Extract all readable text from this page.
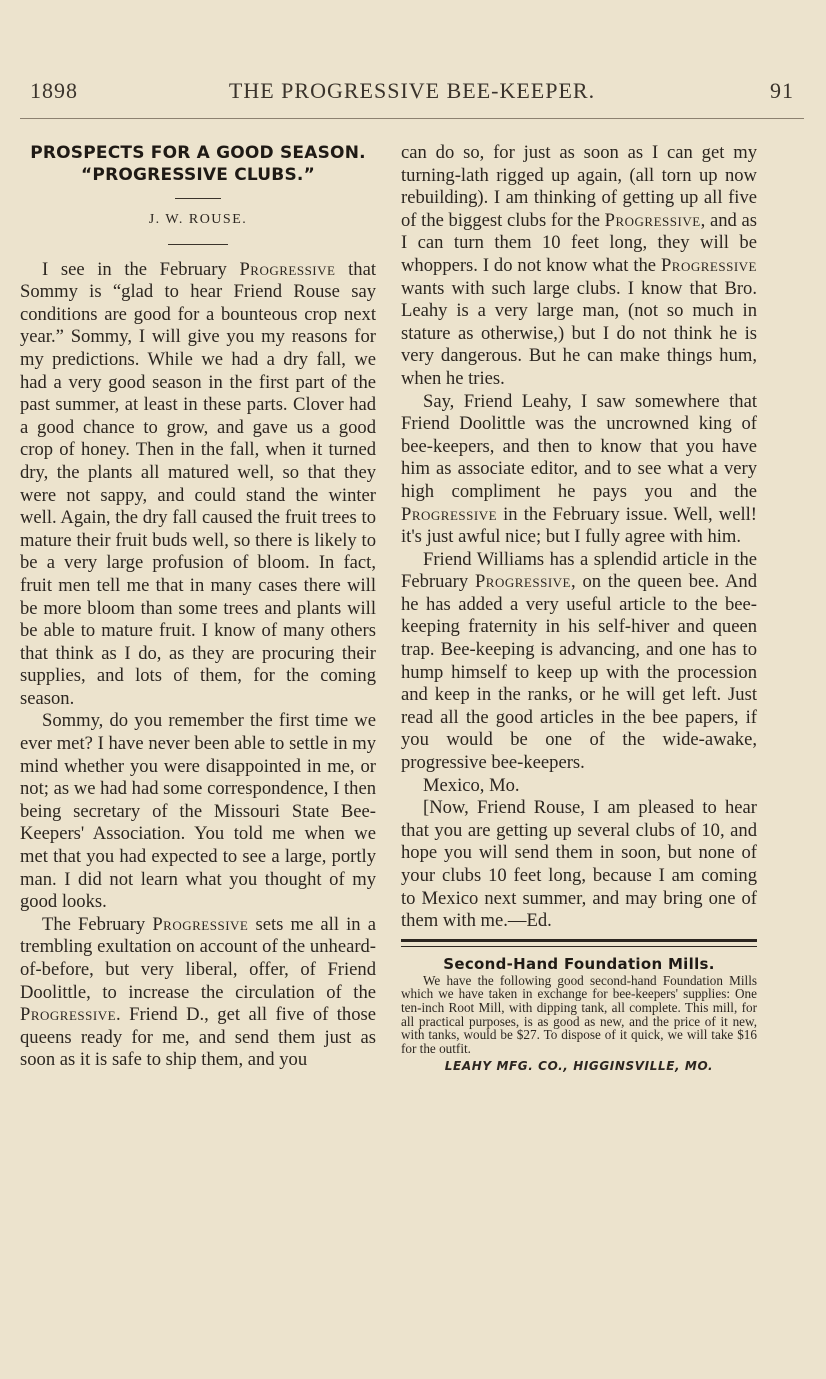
1898	THE PROGRESSIVE BEE-KEEPER.	91

PROSPECTS FOR A GOOD SEASON.

“PROGRESSIVE CLUBS.”

J. W. ROUSE.

I see in the February Progressive that Sommy is “glad to hear Friend Rouse say conditions are good for a bounteous crop next year.” Sommy, I will give you my reasons for my predictions. While we had a dry fall, we had a very good season in the first part of the past summer, at least in these parts. Clover had a good chance to grow, and gave us a good crop of honey. Then in the fall, when it turned dry, the plants all matured well, so that they were not sappy, and could stand the winter well. Again, the dry fall caused the fruit trees to mature their fruit buds well, so there is likely to be a very large profusion of bloom. In fact, fruit men tell me that in many cases there will be more bloom than some trees and plants will be able to mature fruit. I know of many others that think as I do, as they are procuring their supplies, and lots of them, for the coming season.

Sommy, do you remember the first time we ever met? I have never been able to settle in my mind whether you were disappointed in me, or not; as we had had some correspondence, I then being secretary of the Missouri State Bee-Keepers' Association. You told me when we met that you had expected to see a large, portly man. I did not learn what you thought of my good looks.

The February Progressive sets me all in a trembling exultation on account of the unheard-of-before, but very liberal, offer, of Friend Doolittle, to increase the circulation of the Progressive. Friend D., get all five of those queens ready for me, and send them just as soon as it is safe to ship them, and you

can do so, for just as soon as I can get my turning-lath rigged up again, (all torn up now rebuilding). I am thinking of getting up all five of the biggest clubs for the Progressive, and as I can turn them 10 feet long, they will be whoppers. I do not know what the Progressive wants with such large clubs. I know that Bro. Leahy is a very large man, (not so much in stature as otherwise,) but I do not think he is very dangerous. But he can make things hum, when he tries.

Say, Friend Leahy, I saw somewhere that Friend Doolittle was the uncrowned king of bee-keepers, and then to know that you have him as associate editor, and to see what a very high compliment he pays you and the Progressive in the February issue. Well, well! it's just awful nice; but I fully agree with him.

Friend Williams has a splendid article in the February Progressive, on the queen bee. And he has added a very useful article to the bee-keeping fraternity in his self-hiver and queen trap. Bee-keeping is advancing, and one has to hump himself to keep up with the procession and keep in the ranks, or he will get left. Just read all the good articles in the bee papers, if you would be one of the wide-awake, progressive bee-keepers.

Mexico, Mo.

[Now, Friend Rouse, I am pleased to hear that you are getting up several clubs of 10, and hope you will send them in soon, but none of your clubs 10 feet long, because I am coming to Mexico next summer, and may bring one of them with me.—Ed.

Second-Hand Foundation Mills.

We have the following good second-hand Foundation Mills which we have taken in exchange for bee-keepers' supplies: One ten-inch Root Mill, with dipping tank, all complete. This mill, for all practical purposes, is as good as new, and the price of it new, with tanks, would be $27. To dispose of it quick, we will take $16 for the outfit.

LEAHY MFG. CO., HIGGINSVILLE, MO.
